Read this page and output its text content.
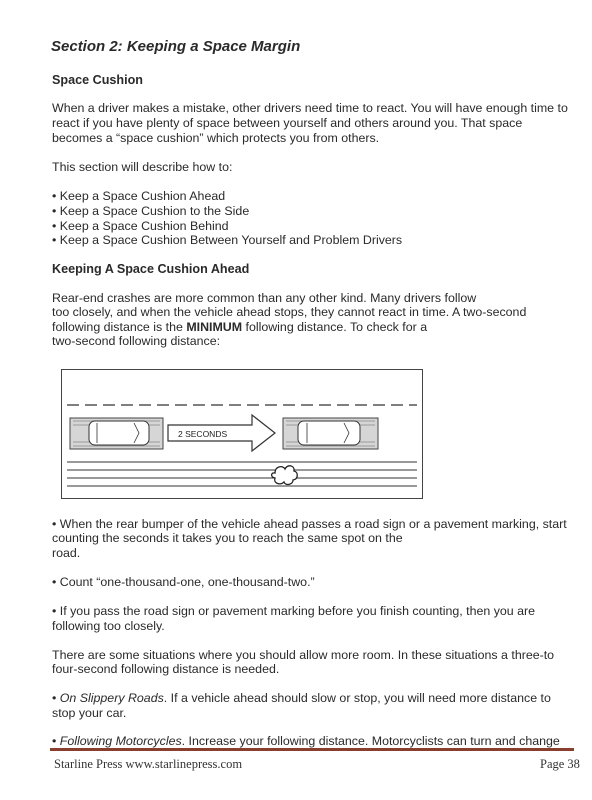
Section 2: Keeping a Space Margin
Space Cushion
When a driver makes a mistake, other drivers need time to react. You will have enough time to
react if you have plenty of space between yourself and others around you. That space
becomes a “space cushion” which protects you from others.
This section will describe how to:
• Keep a Space Cushion Ahead
• Keep a Space Cushion to the Side
• Keep a Space Cushion Behind
• Keep a Space Cushion Between Yourself and Problem Drivers
Keeping A Space Cushion Ahead
Rear-end crashes are more common than any other kind. Many drivers follow
too closely, and when the vehicle ahead stops, they cannot react in time. A two-second
following distance is the MINIMUM following distance. To check for a
two-second following distance:
2 SECONDS
• When the rear bumper of the vehicle ahead passes a road sign or a pavement marking, start
counting the seconds it takes you to reach the same spot on the
road.
• Count “one-thousand-one, one-thousand-two.”
• If you pass the road sign or pavement marking before you finish counting, then you are
following too closely.
There are some situations where you should allow more room. In these situations a three-to
four-second following distance is needed.
• On Slippery Roads. If a vehicle ahead should slow or stop, you will need more distance to
stop your car.
• Following Motorcycles. Increase your following distance. Motorcyclists can turn and change
Starline Press www.starlinepress.com	Page 38
